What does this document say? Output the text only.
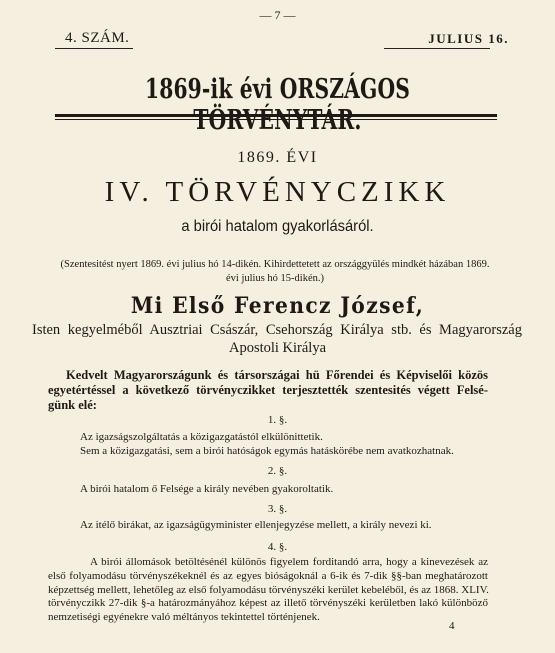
— 7 —
4. SZÁM.	JULIUS 16.
1869-ik évi ORSZÁGOS TÖRVÉNYTÁR.
1869. ÉVI
IV. TÖRVÉNYCZIKK
a birói hatalom gyakorlásáról.
(Szentesitést nyert 1869. évi julius hó 14-dikén. Kihirdettetett az országgyülés mindkét házában 1869. évi julius hó 15-dikén.)
Mi Első Ferencz József,
Isten kegyelméből Ausztriai Császár, Csehország Királya stb. és Magyarország
Apostoli Királya
Kedvelt Magyarországunk és társországai hü Főrendei és Képviselői közös
egyetértéssel a következő törvényczikket terjesztették szentesités végett Felsé-
günk elé:
1. §.
Az igazságszolgáltatás a közigazgatástól elkülönittetik.
Sem a közigazgatási, sem a birói hatóságok egymás hatáskörébe nem avatkozhatnak.
2. §.
A birói hatalom ő Felsége a király nevében gyakoroltatik.
3. §.
Az itélő birákat, az igazságügyminister ellenjegyzése mellett, a király nevezi ki.
4. §.
A birói állomások betöltésénél különös figyelem forditandó arra, hogy a kinevezések az
első folyamodásu törvényszékeknél és az egyes bióságoknál a 6-ik és 7-dik §§-ban meghatározott
képzettség mellett, lehetőleg az első folyamodásu törvényszéki kerület kebeléből, és az 1868. XLIV.
törvényczikk 27-dik §-a határozmányához képest az illető törvényszéki kerületben lakó különböző
nemzetiségi egyénekre való méltányos tekintettel történjenek.
4
